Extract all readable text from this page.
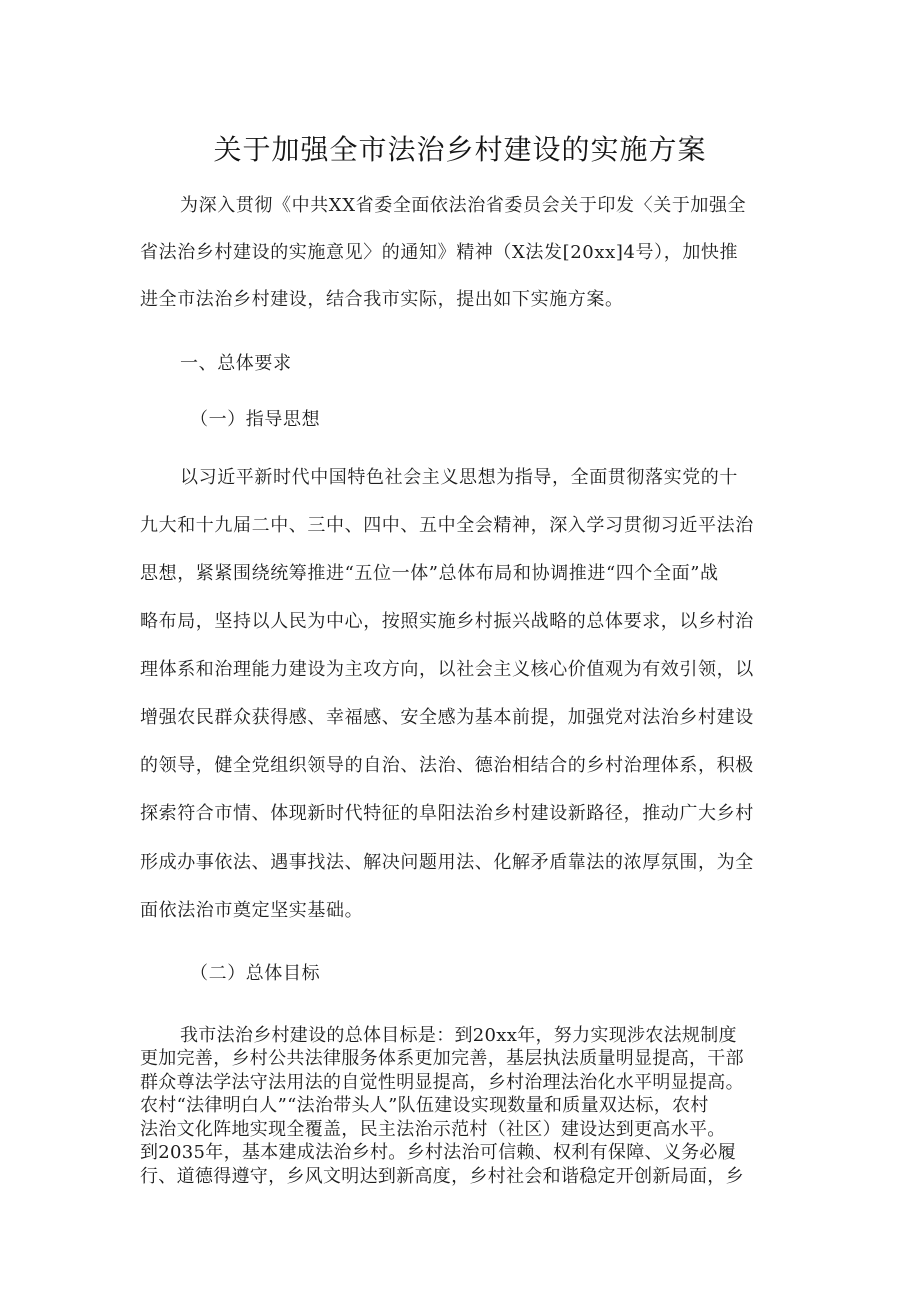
关于加强全市法治乡村建设的实施方案
为深入贯彻《中共XX省委全面依法治省委员会关于印发〈关于加强全
省法治乡村建设的实施意见〉的通知》精神（X法发[20xx]4号），加快推
进全市法治乡村建设，结合我市实际，提出如下实施方案。
一、总体要求
（一）指导思想
以习近平新时代中国特色社会主义思想为指导，全面贯彻落实党的十
九大和十九届二中、三中、四中、五中全会精神，深入学习贯彻习近平法治
思想，紧紧围绕统筹推进“五位一体”总体布局和协调推进“四个全面”战
略布局，坚持以人民为中心，按照实施乡村振兴战略的总体要求，以乡村治
理体系和治理能力建设为主攻方向，以社会主义核心价值观为有效引领，以
增强农民群众获得感、幸福感、安全感为基本前提，加强党对法治乡村建设
的领导，健全党组织领导的自治、法治、德治相结合的乡村治理体系，积极
探索符合市情、体现新时代特征的阜阳法治乡村建设新路径，推动广大乡村
形成办事依法、遇事找法、解决问题用法、化解矛盾靠法的浓厚氛围，为全
面依法治市奠定坚实基础。
（二）总体目标
我市法治乡村建设的总体目标是：到20xx年，努力实现涉农法规制度
更加完善，乡村公共法律服务体系更加完善，基层执法质量明显提高，干部
群众尊法学法守法用法的自觉性明显提高，乡村治理法治化水平明显提高。
农村“法律明白人”“法治带头人”队伍建设实现数量和质量双达标，农村
法治文化阵地实现全覆盖，民主法治示范村（社区）建设达到更高水平。
到2035年，基本建成法治乡村。乡村法治可信赖、权利有保障、义务必履
行、道德得遵守，乡风文明达到新高度，乡村社会和谐稳定开创新局面，乡
